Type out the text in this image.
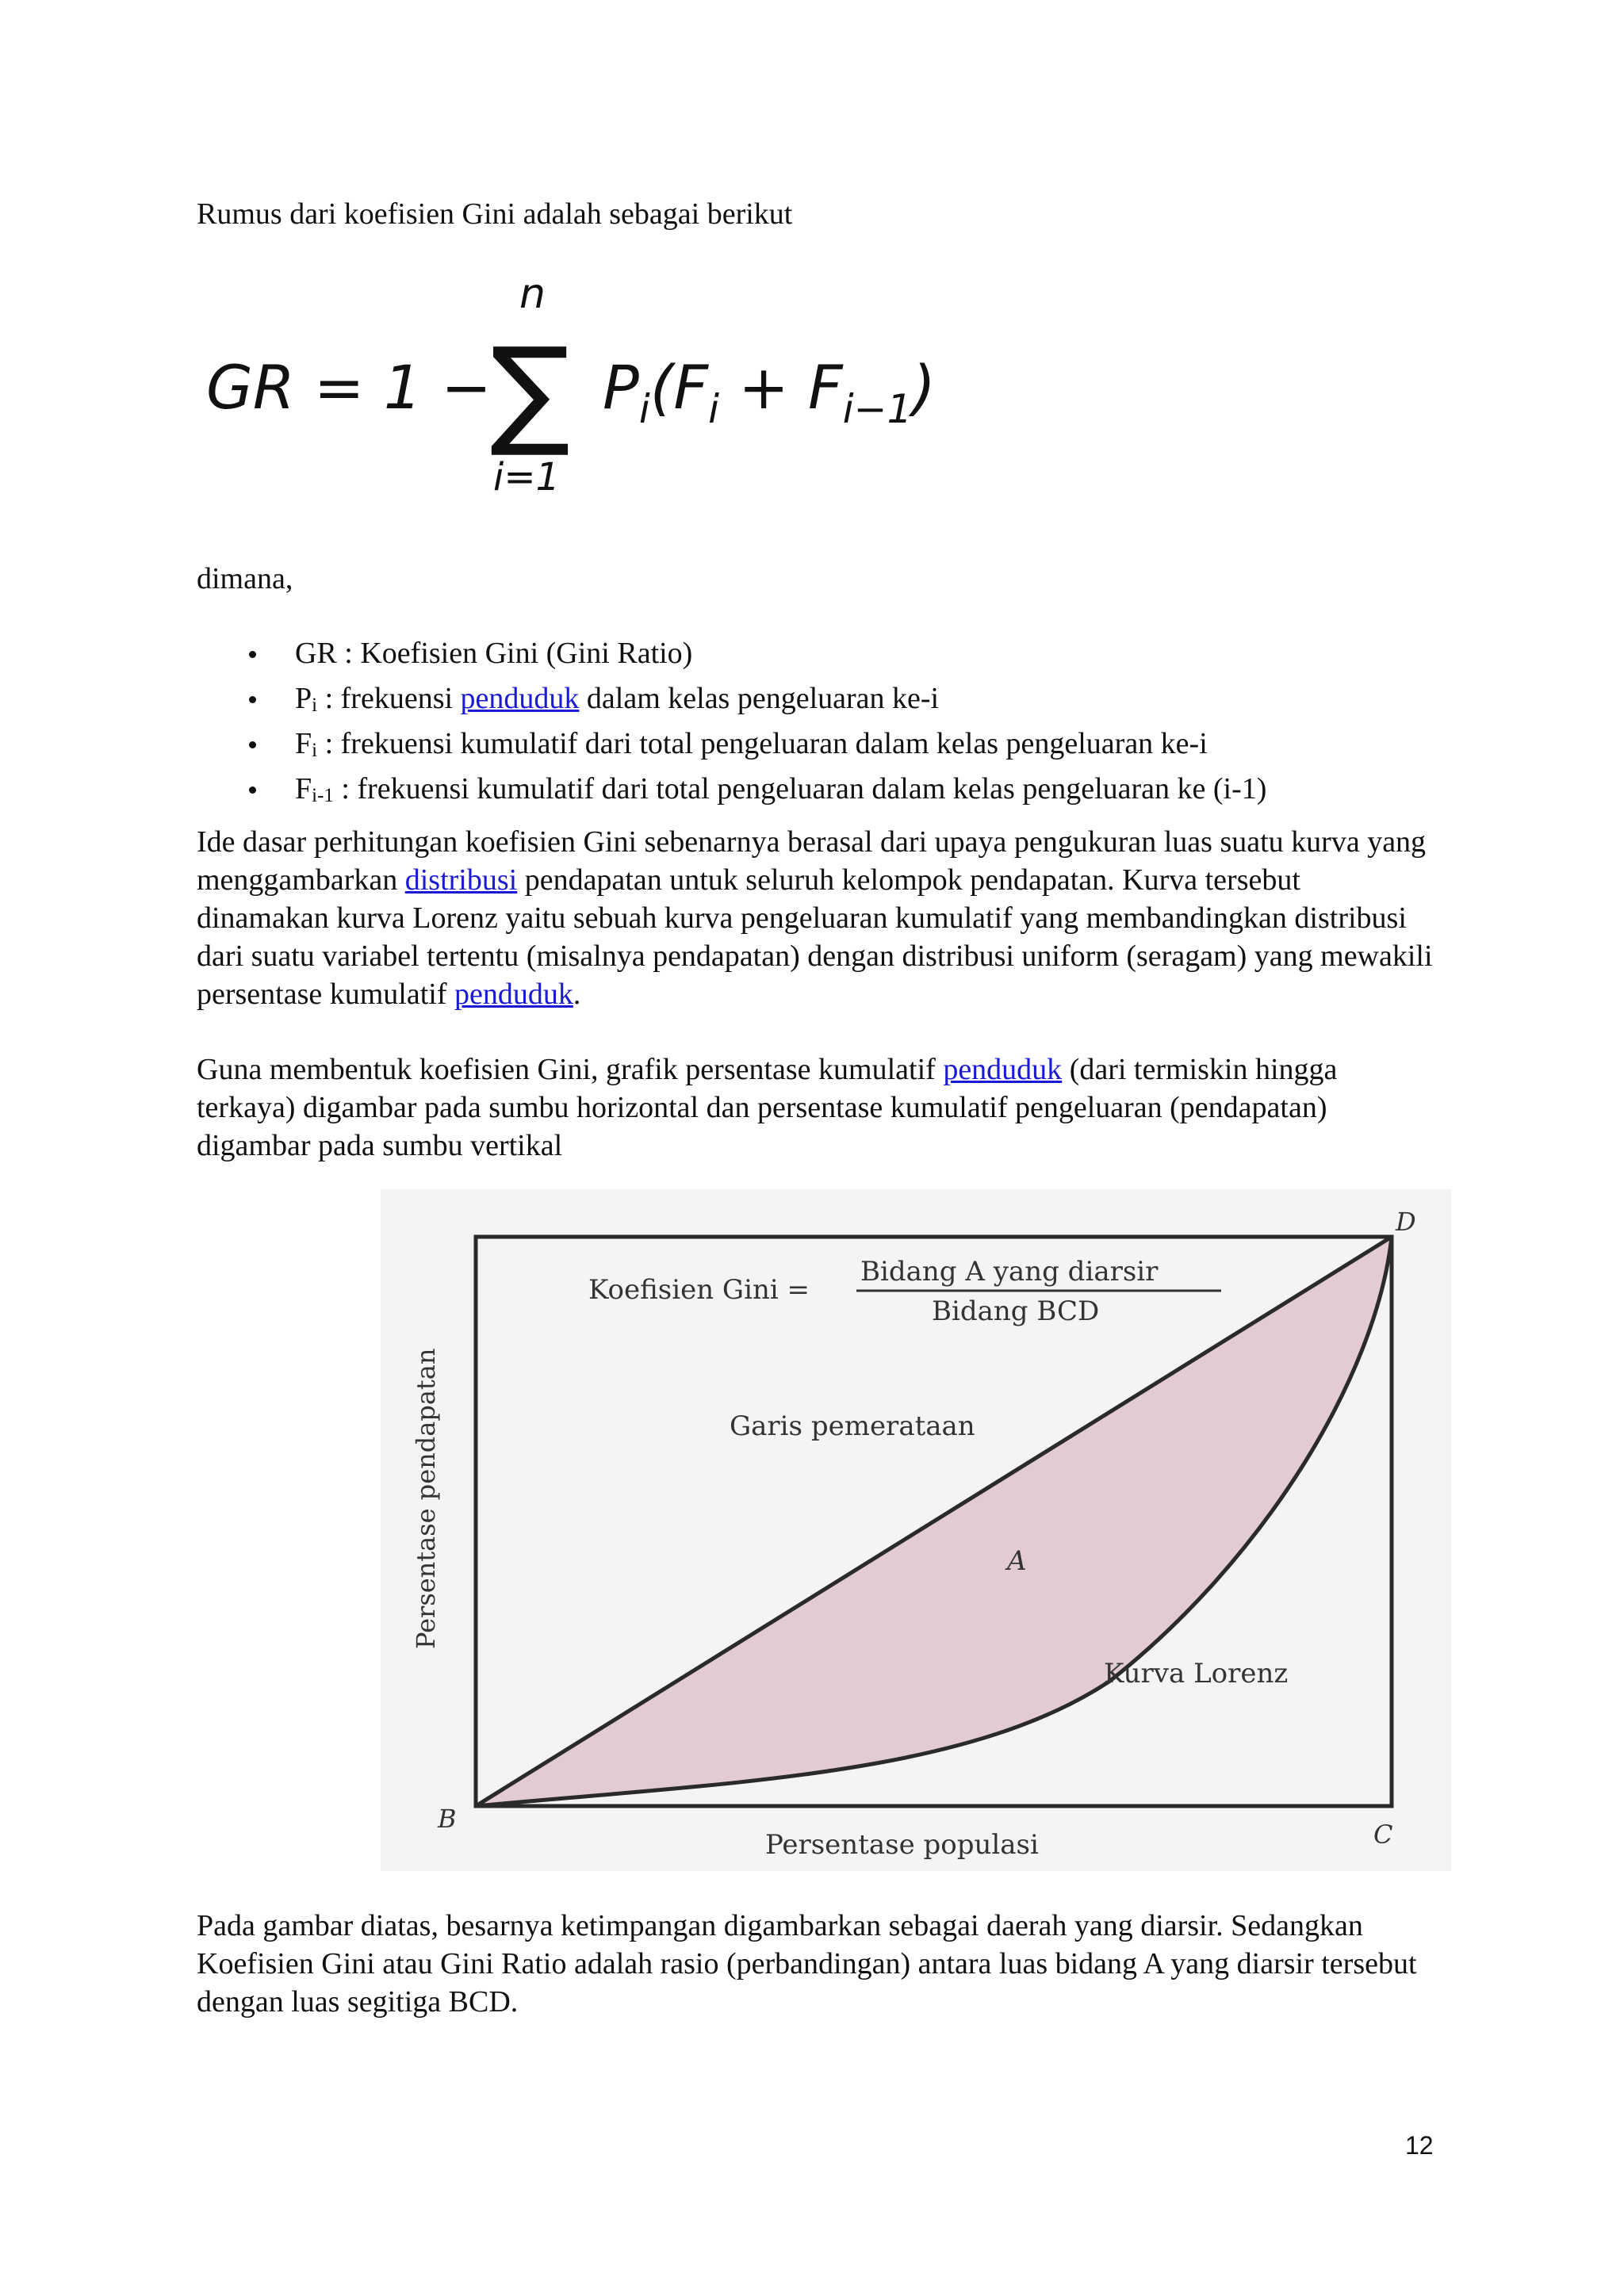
Rumus dari koefisien Gini adalah sebagai berikut

GR = 1 −
n
∑
i=1
$P_i(F_i + F_{i-1})$

dimana,

GR : Koefisien Gini (Gini Ratio)
Pi : frekuensi penduduk dalam kelas pengeluaran ke-i
Fi : frekuensi kumulatif dari total pengeluaran dalam kelas pengeluaran ke-i
Fi-1 : frekuensi kumulatif dari total pengeluaran dalam kelas pengeluaran ke (i-1)

Ide dasar perhitungan koefisien Gini sebenarnya berasal dari upaya pengukuran luas suatu kurva yang menggambarkan distribusi pendapatan untuk seluruh kelompok pendapatan. Kurva tersebut dinamakan kurva Lorenz yaitu sebuah kurva pengeluaran kumulatif yang membandingkan distribusi dari suatu variabel tertentu (misalnya pendapatan) dengan distribusi uniform (seragam) yang mewakili persentase kumulatif penduduk.

Guna membentuk koefisien Gini, grafik persentase kumulatif penduduk (dari termiskin hingga terkaya) digambar pada sumbu horizontal dan persentase kumulatif pengeluaran (pendapatan) digambar pada sumbu vertikal

Koefisien Gini =
Bidang A yang diarsir
Bidang BCD
Garis pemerataan
A
Kurva Lorenz
Persentase pendapatan
Persentase populasi
B
C
D

Pada gambar diatas, besarnya ketimpangan digambarkan sebagai daerah yang diarsir. Sedangkan Koefisien Gini atau Gini Ratio adalah rasio (perbandingan) antara luas bidang A yang diarsir tersebut dengan luas segitiga BCD.

12
